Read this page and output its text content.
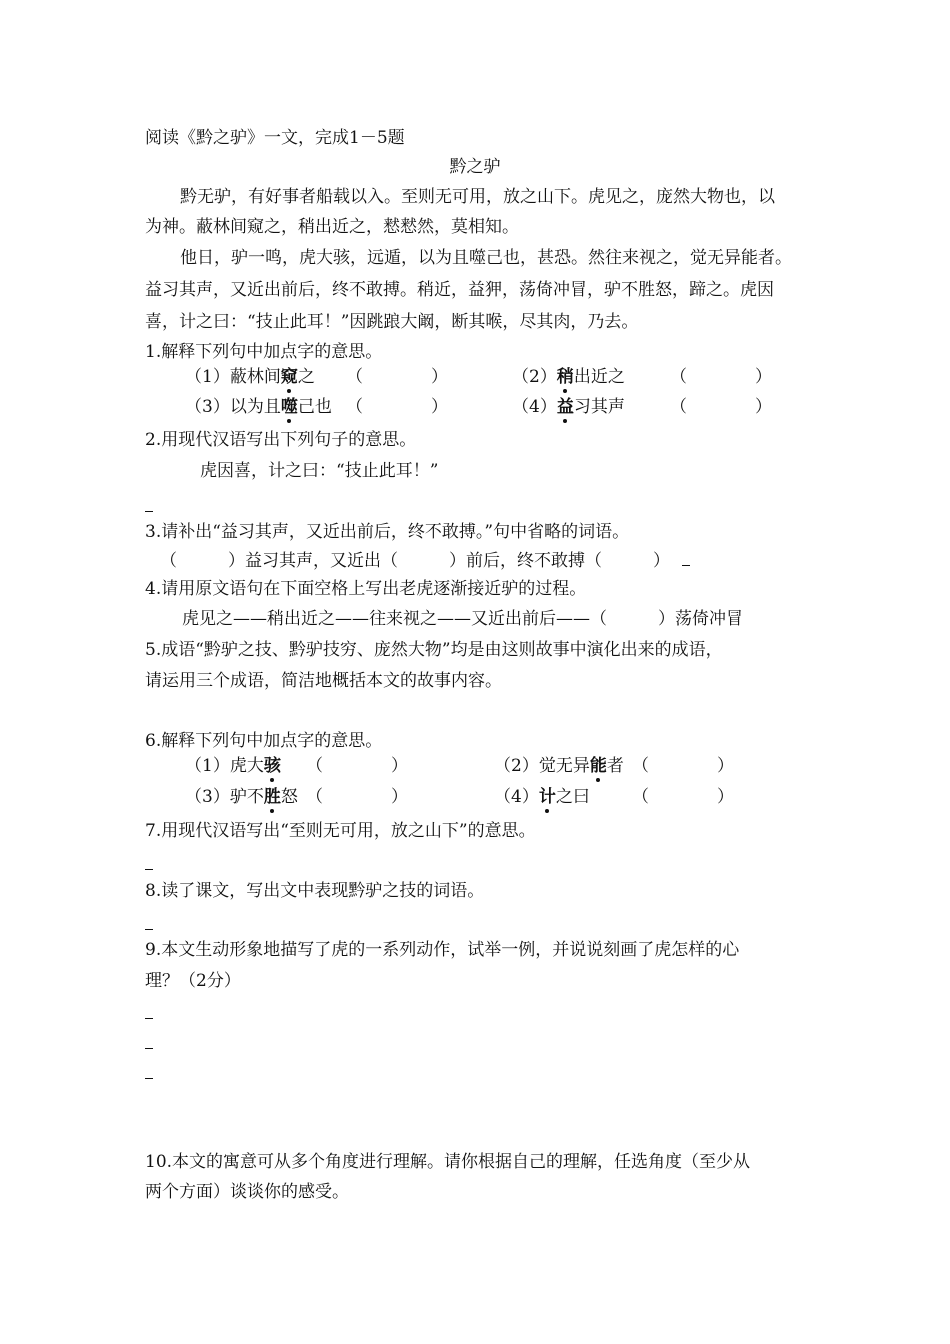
阅读《黔之驴》一文，完成1－5题
黔之驴
黔无驴，有好事者船载以入。至则无可用，放之山下。虎见之，庞然大物也，以
为神。蔽林间窥之，稍出近之，慭慭然，莫相知。
他日，驴一鸣，虎大骇，远遁，以为且噬己也，甚恐。然往来视之，觉无异能者。
益习其声，又近出前后，终不敢搏。稍近，益狎，荡倚冲冒，驴不胜怒，蹄之。虎因
喜，计之曰：“技止此耳！”因跳踉大阚，断其喉，尽其肉，乃去。
1.解释下列句中加点字的意思。
（1）蔽林间窥之 （　　　　）	（2）稍出近之	（　　　　）
（3）以为且噬己也 （　　　　）	（4）益习其声	（　　　　）
2.用现代汉语写出下列句子的意思。
虎因喜，计之曰：“技止此耳！”
3.请补出“益习其声，又近出前后，终不敢搏。”句中省略的词语。
（　　　）益习其声，又近出（　　　）前后，终不敢搏（　　　）
4.请用原文语句在下面空格上写出老虎逐渐接近驴的过程。
虎见之——稍出近之——往来视之——又近出前后——（　　　）荡倚冲冒
5.成语“黔驴之技、黔驴技穷、庞然大物”均是由这则故事中演化出来的成语，
请运用三个成语，简洁地概括本文的故事内容。
6.解释下列句中加点字的意思。
（1）虎大骇 （　　　　）	（2）觉无异能者 （　　　　）
（3）驴不胜怒 （　　　　）	（4）计之曰 （　　　　）
7.用现代汉语写出“至则无可用，放之山下”的意思。
8.读了课文，写出文中表现黔驴之技的词语。
9.本文生动形象地描写了虎的一系列动作，试举一例，并说说刻画了虎怎样的心
理？（2分）
10.本文的寓意可从多个角度进行理解。请你根据自己的理解，任选角度（至少从
两个方面）谈谈你的感受。
